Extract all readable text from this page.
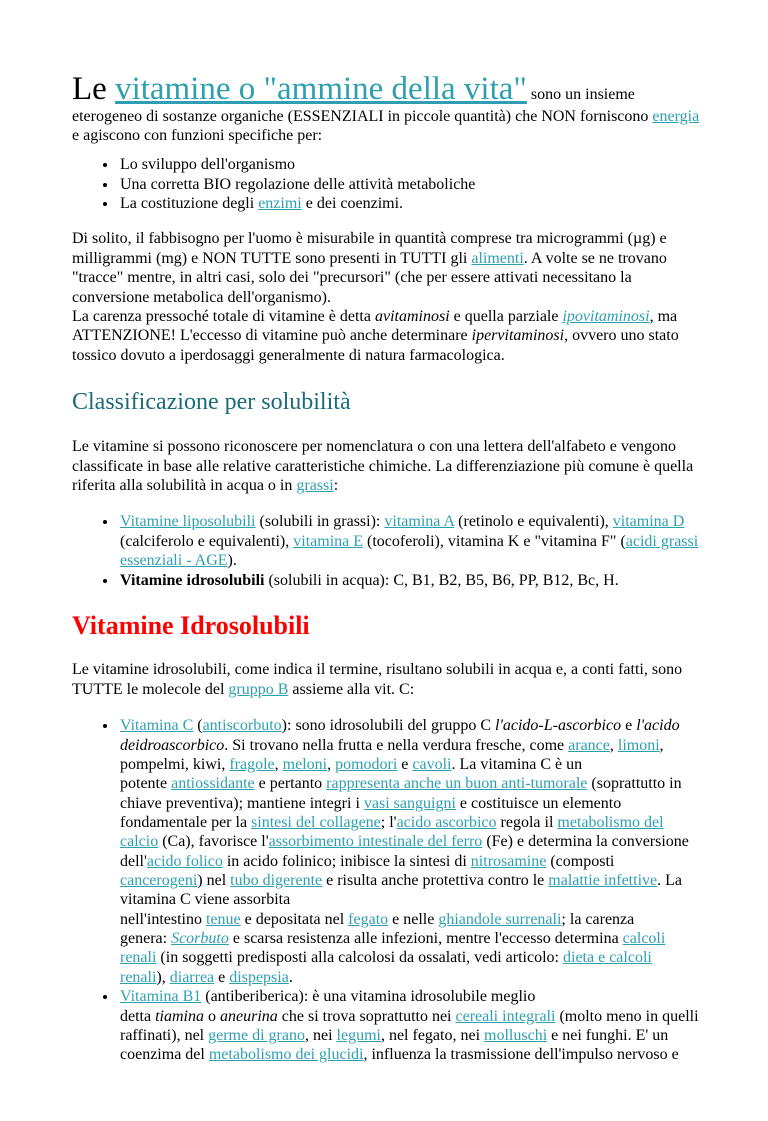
Le vitamine o "ammine della vita" sono un insieme eterogeneo di sostanze organiche (ESSENZIALI in piccole quantità) che NON forniscono energia e agiscono con funzioni specifiche per:

• Lo sviluppo dell'organismo
• Una corretta BIO regolazione delle attività metaboliche
• La costituzione degli enzimi e dei coenzimi.

Di solito, il fabbisogno per l'uomo è misurabile in quantità comprese tra microgrammi (µg) e milligrammi (mg) e NON TUTTE sono presenti in TUTTI gli alimenti. A volte se ne trovano "tracce" mentre, in altri casi, solo dei "precursori" (che per essere attivati necessitano la conversione metabolica dell'organismo).

La carenza pressoché totale di vitamine è detta avitaminosi e quella parziale ipovitaminosi, ma ATTENZIONE! L'eccesso di vitamine può anche determinare ipervitaminosi, ovvero uno stato tossico dovuto a iperdosaggi generalmente di natura farmacologica.

Classificazione per solubilità

Le vitamine si possono riconoscere per nomenclatura o con una lettera dell'alfabeto e vengono classificate in base alle relative caratteristiche chimiche. La differenziazione più comune è quella riferita alla solubilità in acqua o in grassi:

• Vitamine liposolubili (solubili in grassi): vitamina A (retinolo e equivalenti), vitamina D (calciferolo e equivalenti), vitamina E (tocoferoli), vitamina K e "vitamina F" (acidi grassi essenziali - AGE).
• Vitamine idrosolubili (solubili in acqua): C, B1, B2, B5, B6, PP, B12, Bc, H.
Vitamine Idrosolubili

Le vitamine idrosolubili, come indica il termine, risultano solubili in acqua e, a conti fatti, sono TUTTE le molecole del gruppo B assieme alla vit. C:

• Vitamina C (antiscorbuto): sono idrosolubili del gruppo C l'acido-L-ascorbico e l'acido deidroascorbico. Si trovano nella frutta e nella verdura fresche, come arance, limoni, pompelmi, kiwi, fragole, meloni, pomodori e cavoli. La vitamina C è un
potente antiossidante e pertanto rappresenta anche un buon anti-tumorale (soprattutto in chiave preventiva); mantiene integri i vasi sanguigni e costituisce un elemento fondamentale per la sintesi del collagene; l'acido ascorbico regola il metabolismo del calcio (Ca), favorisce l'assorbimento intestinale del ferro (Fe) e determina la conversione dell'acido folico in acido folinico; inibisce la sintesi di nitrosamine (composti cancerogeni) nel tubo digerente e risulta anche protettiva contro le malattie infettive. La vitamina C viene assorbita
nell'intestino tenue e depositata nel fegato e nelle ghiandole surrenali; la carenza
genera: Scorbuto e scarsa resistenza alle infezioni, mentre l'eccesso determina calcoli renali (in soggetti predisposti alla calcolosi da ossalati, vedi articolo: dieta e calcoli renali), diarrea e dispepsia.
• Vitamina B1 (antiberiberica): è una vitamina idrosolubile meglio
detta tiamina o aneurina che si trova soprattutto nei cereali integrali (molto meno in quelli raffinati), nel germe di grano, nei legumi, nel fegato, nei molluschi e nei funghi. E' un coenzima del metabolismo dei glucidi, influenza la trasmissione dell'impulso nervoso e
